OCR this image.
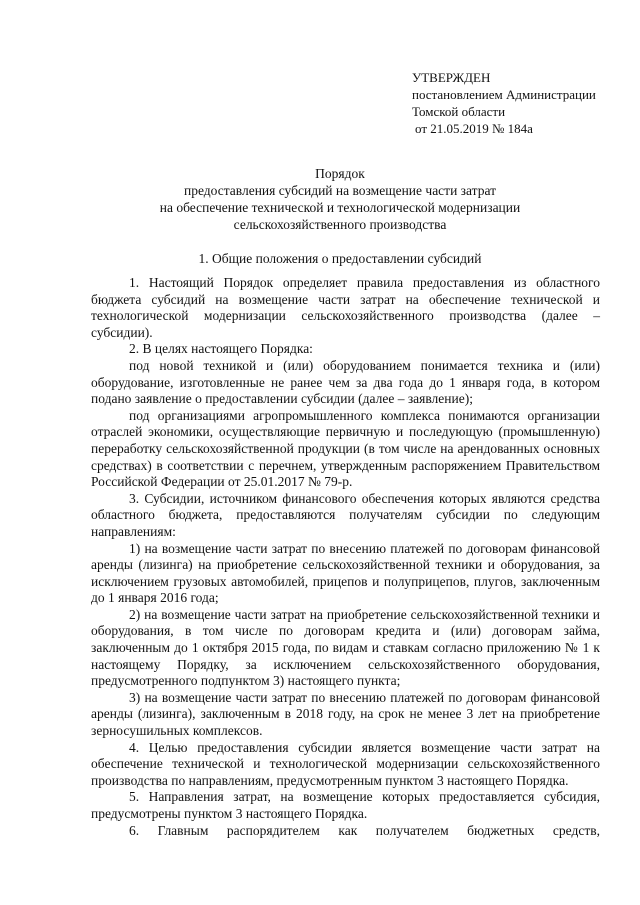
УТВЕРЖДЕН
постановлением Администрации
Томской области
от 21.05.2019 № 184а
Порядок
предоставления субсидий на возмещение части затрат
на обеспечение технической и технологической модернизации
сельскохозяйственного производства
1. Общие положения о предоставлении субсидий

1. Настоящий Порядок определяет правила предоставления из областного бюджета субсидий на возмещение части затрат на обеспечение технической и технологической модернизации сельскохозяйственного производства (далее – субсидии).

2. В целях настоящего Порядка:

под новой техникой и (или) оборудованием понимается техника и (или) оборудование, изготовленные не ранее чем за два года до 1 января года, в котором подано заявление о предоставлении субсидии (далее – заявление);

под организациями агропромышленного комплекса понимаются организации отраслей экономики, осуществляющие первичную и последующую (промышленную) переработку сельскохозяйственной продукции (в том числе на арендованных основных средствах) в соответствии с перечнем, утвержденным распоряжением Правительством Российской Федерации от 25.01.2017 № 79-р.

3. Субсидии, источником финансового обеспечения которых являются средства областного бюджета, предоставляются получателям субсидии по следующим направлениям:

1) на возмещение части затрат по внесению платежей по договорам финансовой аренды (лизинга) на приобретение сельскохозяйственной техники и оборудования, за исключением грузовых автомобилей, прицепов и полуприцепов, плугов, заключенным до 1 января 2016 года;

2) на возмещение части затрат на приобретение сельскохозяйственной техники и оборудования, в том числе по договорам кредита и (или) договорам займа, заключенным до 1 октября 2015 года, по видам и ставкам согласно приложению № 1 к настоящему Порядку, за исключением сельскохозяйственного оборудования, предусмотренного подпунктом 3) настоящего пункта;

3) на возмещение части затрат по внесению платежей по договорам финансовой аренды (лизинга), заключенным в 2018 году, на срок не менее 3 лет на приобретение зерносушильных комплексов.

4. Целью предоставления субсидии является возмещение части затрат на обеспечение технической и технологической модернизации сельскохозяйственного производства по направлениям, предусмотренным пунктом 3 настоящего Порядка.

5. Направления затрат, на возмещение которых предоставляется субсидия, предусмотрены пунктом 3 настоящего Порядка.

6. Главным распорядителем как получателем бюджетных средств,
